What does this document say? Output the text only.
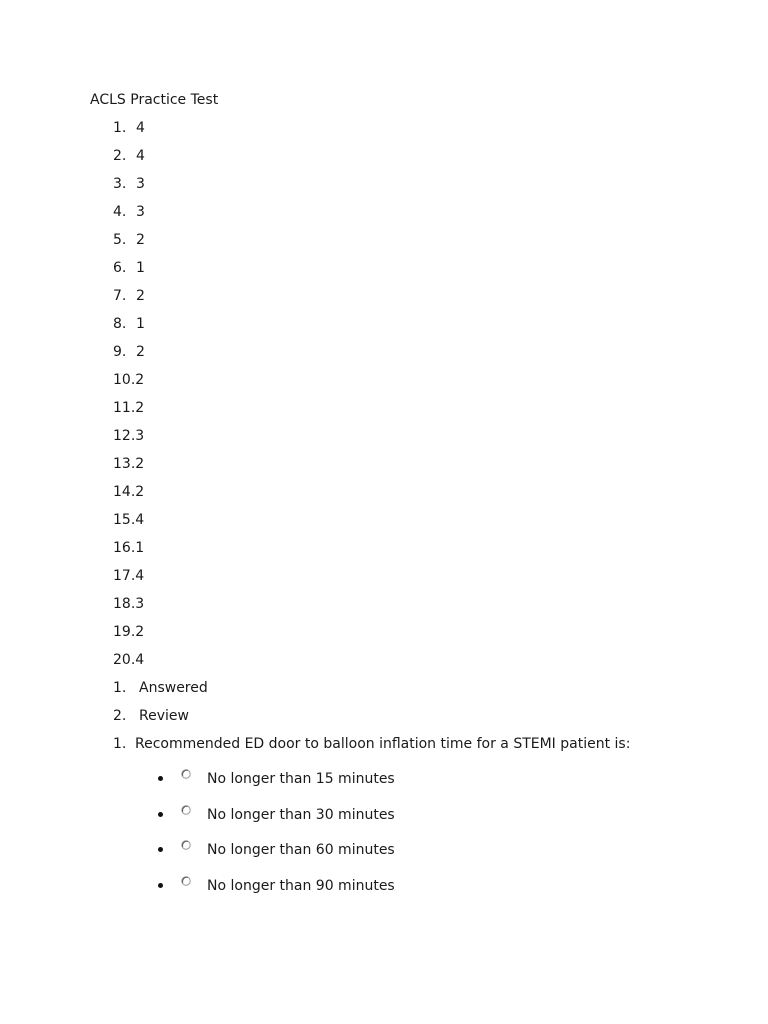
ACLS Practice Test
1. 4
2. 4
3. 3
4. 3
5. 2
6. 1
7. 2
8. 1
9. 2
10.2
11.2
12.3
13.2
14.2
15.4
16.1
17.4
18.3
19.2
20.4
1. Answered
2. Review
1. Recommended ED door to balloon inflation time for a STEMI patient is:
No longer than 15 minutes
No longer than 30 minutes
No longer than 60 minutes
No longer than 90 minutes
